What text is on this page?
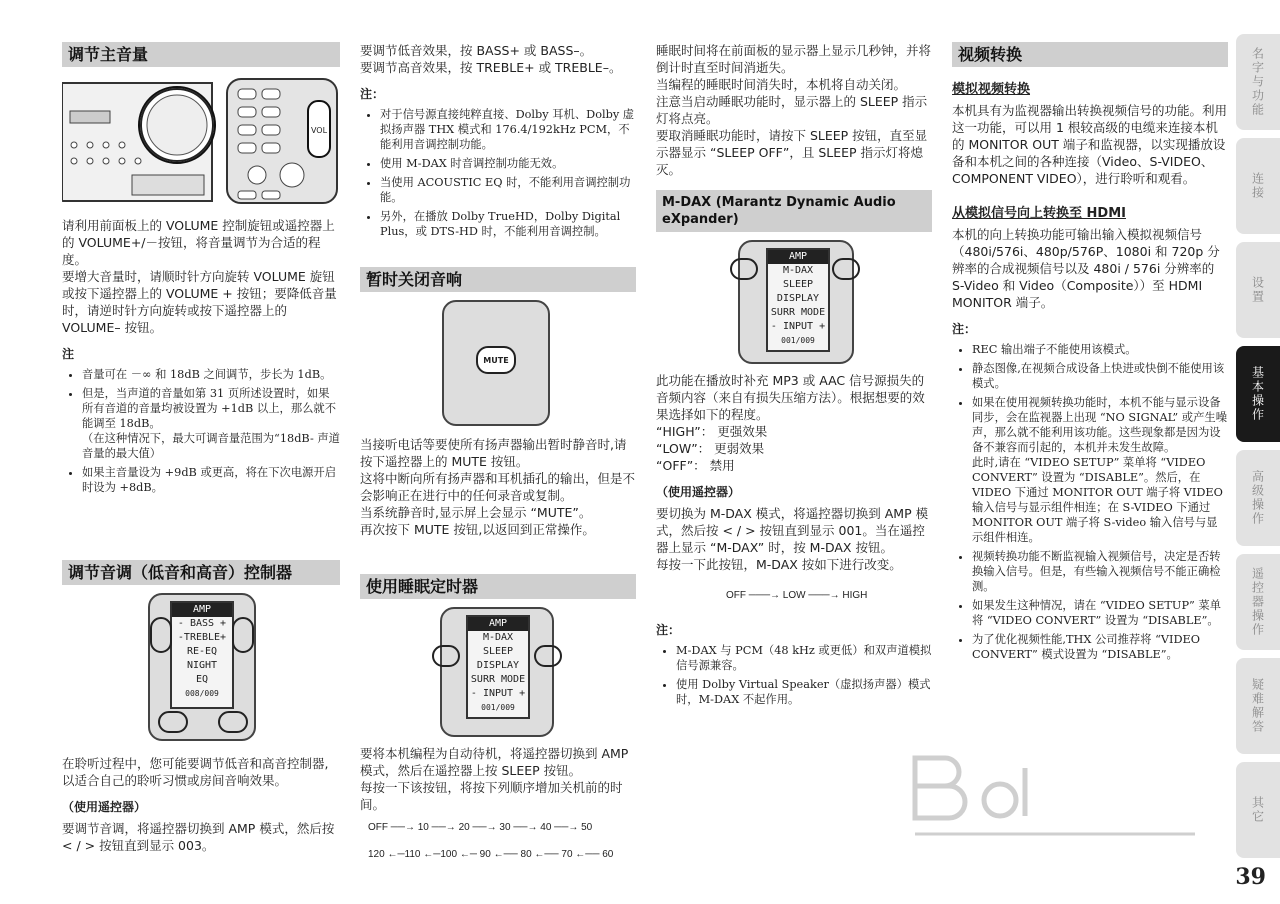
调节主音量
VOL
请利用前面板上的 VOLUME 控制旋钮或遥控器上的 VOLUME+/－按钮，将音量调节为合适的程度。
要增大音量时，请顺时针方向旋转 VOLUME 旋钮或按下遥控器上的 VOLUME + 按钮；要降低音量时，请逆时针方向旋转或按下遥控器上的VOLUME– 按钮。
注
• 音量可在 －∞ 和 18dB 之间调节，步长为 1dB。
• 但是，当声道的音量如第 31 页所述设置时，如果所有音道的音量均被设置为 +1dB 以上，那么就不能调至 18dB。
（在这种情况下，最大可调音量范围为“18dB- 声道音量的最大值）
• 如果主音量设为 +9dB 或更高，将在下次电源开启时设为 +8dB。
调节音调（低音和高音）控制器
AMP
- BASS +
-TREBLE+
RE-EQ
NIGHT
EQ
008/009
在聆听过程中，您可能要调节低音和高音控制器,以适合自己的聆听习惯或房间音响效果。
（使用遥控器）
要调节音调，将遥控器切换到 AMP 模式，然后按 < / > 按钮直到显示 003。
要调节低音效果，按 BASS+ 或 BASS–。
要调节高音效果，按 TREBLE+ 或 TREBLE–。
注：
• 对于信号源直接纯粹直接、Dolby 耳机、Dolby 虚拟扬声器 THX 模式和 176.4/192kHz PCM，不能利用音调控制功能。
• 使用 M-DAX 时音调控制功能无效。
• 当使用 ACOUSTIC EQ 时，不能利用音调控制功能。
• 另外，在播放 Dolby TrueHD，Dolby Digital Plus，或 DTS-HD 时，不能利用音调控制。
暂时关闭音响
MUTE
当接听电话等要使所有扬声器输出暂时静音时,请按下遥控器上的 MUTE 按钮。
这将中断向所有扬声器和耳机插孔的输出，但是不会影响正在进行中的任何录音或复制。
当系统静音时,显示屏上会显示 “MUTE”。
再次按下 MUTE 按钮,以返回到正常操作。
使用睡眠定时器
AMP
M-DAX
SLEEP
DISPLAY
SURR MODE
- INPUT +
001/009
要将本机编程为自动待机，将遥控器切换到 AMP 模式，然后在遥控器上按 SLEEP 按钮。
每按一下该按钮，将按下列顺序增加关机前的时间。
OFF ──→ 10 ──→ 20 ──→ 30 ──→ 40 ──→ 50
120 ←─110 ←─100 ←─ 90 ←── 80 ←── 70 ←── 60
睡眠时间将在前面板的显示器上显示几秒钟，并将倒计时直至时间消逝失。
当编程的睡眠时间消失时，本机将自动关闭。
注意当启动睡眠功能时，显示器上的 SLEEP 指示灯将点亮。
要取消睡眠功能时，请按下 SLEEP 按钮，直至显示器显示 “SLEEP OFF”，且 SLEEP 指示灯将熄灭。
M-DAX (Marantz Dynamic Audio eXpander)
AMP
M-DAX
SLEEP
DISPLAY
SURR MODE
- INPUT +
001/009
此功能在播放时补充 MP3 或 AAC 信号源损失的音频内容（来自有损失压缩方法）。根据想要的效果选择如下的程度。
“HIGH”： 更强效果
“LOW”： 更弱效果
“OFF”： 禁用
（使用遥控器）
要切换为 M-DAX 模式，将遥控器切换到 AMP 模式，然后按 < / > 按钮直到显示 001。当在遥控器上显示 “M-DAX” 时，按 M-DAX 按钮。
每按一下此按钮，M-DAX 按如下进行改变。
OFF ───→ LOW ───→ HIGH
注：
• M-DAX 与 PCM（48 kHz 或更低）和双声道模拟信号源兼容。
• 使用 Dolby Virtual Speaker（虚拟扬声器）模式时，M-DAX 不起作用。
视频转换
模拟视频转换
本机具有为监视器输出转换视频信号的功能。利用这一功能，可以用 1 根较高级的电缆来连接本机的 MONITOR OUT 端子和监视器，以实现播放设备和本机之间的各种连接（Video、S-VIDEO、COMPONENT VIDEO），进行聆听和观看。
从模拟信号向上转换至 HDMI
本机的向上转换功能可输出输入模拟视频信号（480i/576i、480p/576P、1080i 和 720p 分辨率的合成视频信号以及 480i / 576i 分辨率的 S-Video 和 Video（Composite））至 HDMI MONITOR 端子。
注：
• REC 输出端子不能使用该模式。
• 静态图像,在视频合成设备上快进或快倒不能使用该模式。
• 如果在使用视频转换功能时，本机不能与显示设备同步，会在监视器上出现 “NO SIGNAL” 或产生噪声，那么就不能利用该功能。这些现象都是因为设备不兼容而引起的，本机并未发生故障。
此时,请在 “VIDEO SETUP” 菜单将 “VIDEO CONVERT” 设置为 “DISABLE”。然后，在 VIDEO 下通过 MONITOR OUT 端子将 VIDEO 输入信号与显示组件相连；在 S-VIDEO 下通过 MONITOR OUT 端子将 S-video 输入信号与显示组件相连。
• 视频转换功能不断监视输入视频信号，决定是否转换输入信号。但是，有些输入视频信号不能正确检测。
• 如果发生这种情况，请在 “VIDEO SETUP” 菜单将 “VIDEO CONVERT” 设置为 “DISABLE”。
• 为了优化视频性能,THX 公司推荐将 “VIDEO CONVERT” 模式设置为 “DISABLE”。
名字与功能
连接
设置
基本操作
高级操作
遥控器操作
疑难解答
其它
39
